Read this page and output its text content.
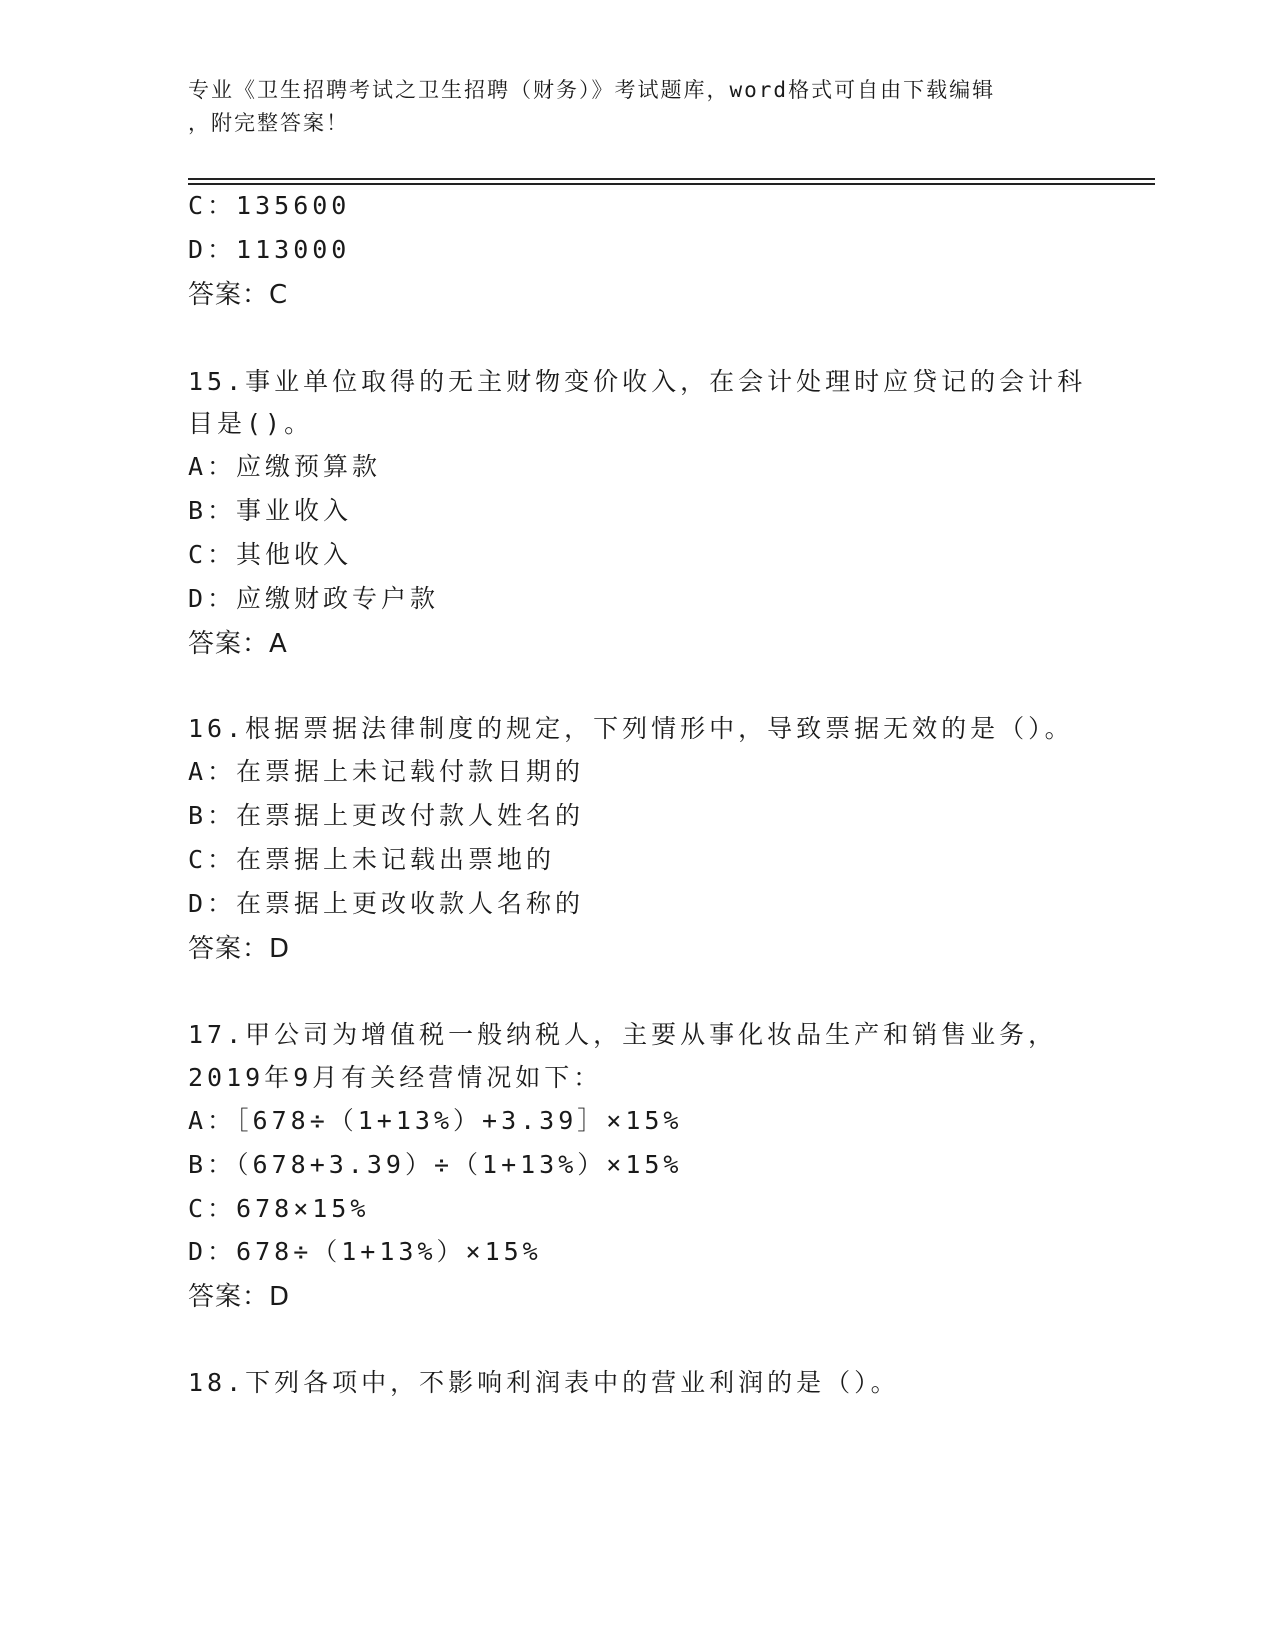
专业《卫生招聘考试之卫生招聘（财务）》考试题库，word格式可自由下载编辑
，附完整答案！
C：135600
D：113000
答案：C
15.事业单位取得的无主财物变价收入，在会计处理时应贷记的会计科
目是()。
A：应缴预算款
B：事业收入
C：其他收入
D：应缴财政专户款
答案：A
16.根据票据法律制度的规定，下列情形中，导致票据无效的是（）。
A：在票据上未记载付款日期的
B：在票据上更改付款人姓名的
C：在票据上未记载出票地的
D：在票据上更改收款人名称的
答案：D
17.甲公司为增值税一般纳税人，主要从事化妆品生产和销售业务，
2019年9月有关经营情况如下：
A：［678÷（1+13%）+3.39］×15%
B：（678+3.39）÷（1+13%）×15%
C：678×15%
D：678÷（1+13%）×15%
答案：D
18.下列各项中，不影响利润表中的营业利润的是（）。
